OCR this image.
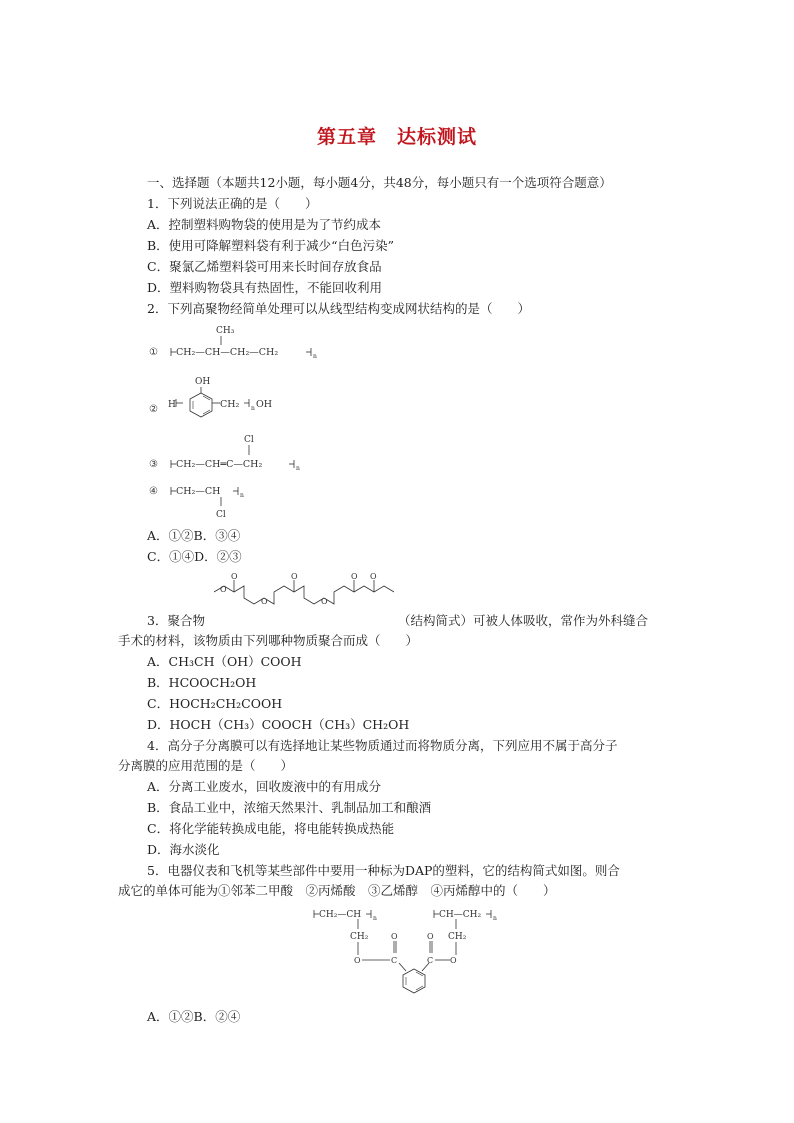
第五章　达标测试
一、选择题（本题共12小题，每小题4分，共48分，每小题只有一个选项符合题意）
1．下列说法正确的是（　　）
A．控制塑料购物袋的使用是为了节约成本
B．使用可降解塑料袋有利于减少“白色污染”
C．聚氯乙烯塑料袋可用来长时间存放食品
D．塑料购物袋具有热固性，不能回收利用
2．下列高聚物经简单处理可以从线型结构变成网状结构的是（　　）
CH₃
① CH₂—CH—CH₂—CH₂	n
OH
② H	CH₂ n OH
Cl
③ CH₂—CH═C—CH₂	n
④ CH₂—CH	n
Cl
A．①②B．③④
C．①④D．②③
O
O
O
O
O
O O
3．聚合物	（结构简式）可被人体吸收，常作为外科缝合
手术的材料，该物质由下列哪种物质聚合而成（　　）
A．CH₃CH（OH）COOH
B．HCOOCH₂OH
C．HOCH₂CH₂COOH
D．HOCH（CH₃）COOCH（CH₃）CH₂OH
4．高分子分离膜可以有选择地让某些物质通过而将物质分离，下列应用不属于高分子
分离膜的应用范围的是（　　）
A．分离工业废水，回收废液中的有用成分
B．食品工业中，浓缩天然果汁、乳制品加工和酿酒
C．将化学能转换成电能，将电能转换成热能
D．海水淡化
5．电器仪表和飞机等某些部件中要用一种标为DAP的塑料，它的结构简式如图。则合
成它的单体可能为①邻苯二甲酸　②丙烯酸　③乙烯醇　④丙烯醇中的（　　）
CH₂—CH n
CH₂
O	C
O
C
O
O
CH₂
CH—CH₂ n
A．①②B．②④
